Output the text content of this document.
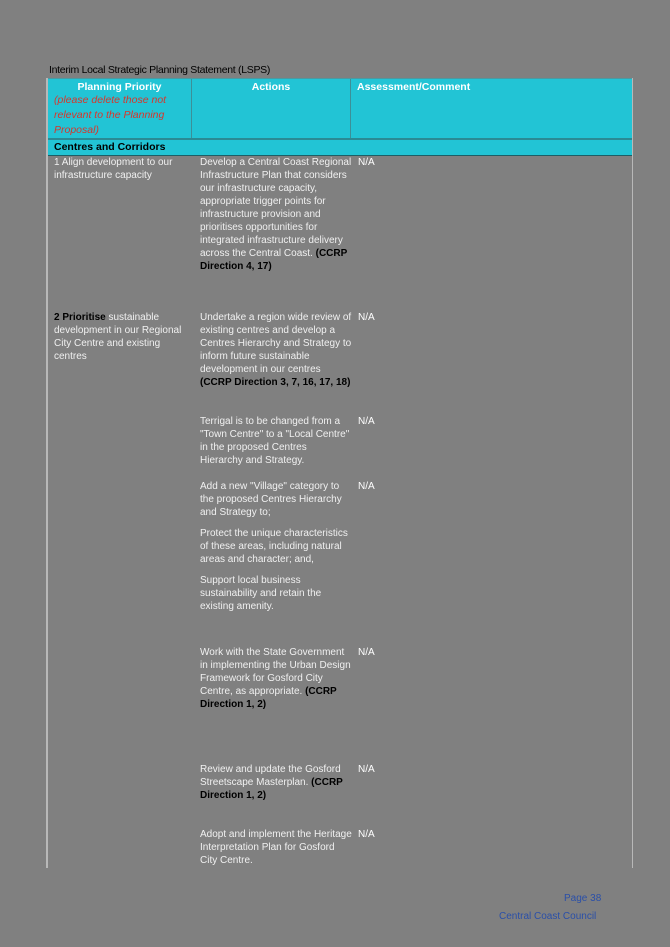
Interim Local Strategic Planning Statement (LSPS)
Planning Priority
(please delete those not relevant to the Planning Proposal)
Actions	Assessment/Comment
Centres and Corridors
1 Align development to our infrastructure capacity
Develop a Central Coast Regional Infrastructure Plan that considers our infrastructure capacity, appropriate trigger points for infrastructure provision and prioritises opportunities for integrated infrastructure delivery across the Central Coast. (CCRP Direction 4, 17)
N/A
2 Prioritise sustainable development in our Regional City Centre and existing centres
Undertake a region wide review of existing centres and develop a Centres Hierarchy and Strategy to inform future sustainable development in our centres (CCRP Direction 3, 7, 16, 17, 18)
N/A
Terrigal is to be changed from a "Town Centre" to a "Local Centre" in the proposed Centres Hierarchy and Strategy.
N/A
Add a new "Village" category to the proposed Centres Hierarchy and Strategy to;
Protect the unique characteristics of these areas, including natural areas and character; and,
Support local business sustainability and retain the existing amenity.
N/A
Work with the State Government in implementing the Urban Design Framework for Gosford City Centre, as appropriate. (CCRP Direction 1, 2)
N/A
Review and update the Gosford Streetscape Masterplan. (CCRP Direction 1, 2)
N/A
Adopt and implement the Heritage Interpretation Plan for Gosford City Centre.
N/A
Page 38
Central Coast Council
